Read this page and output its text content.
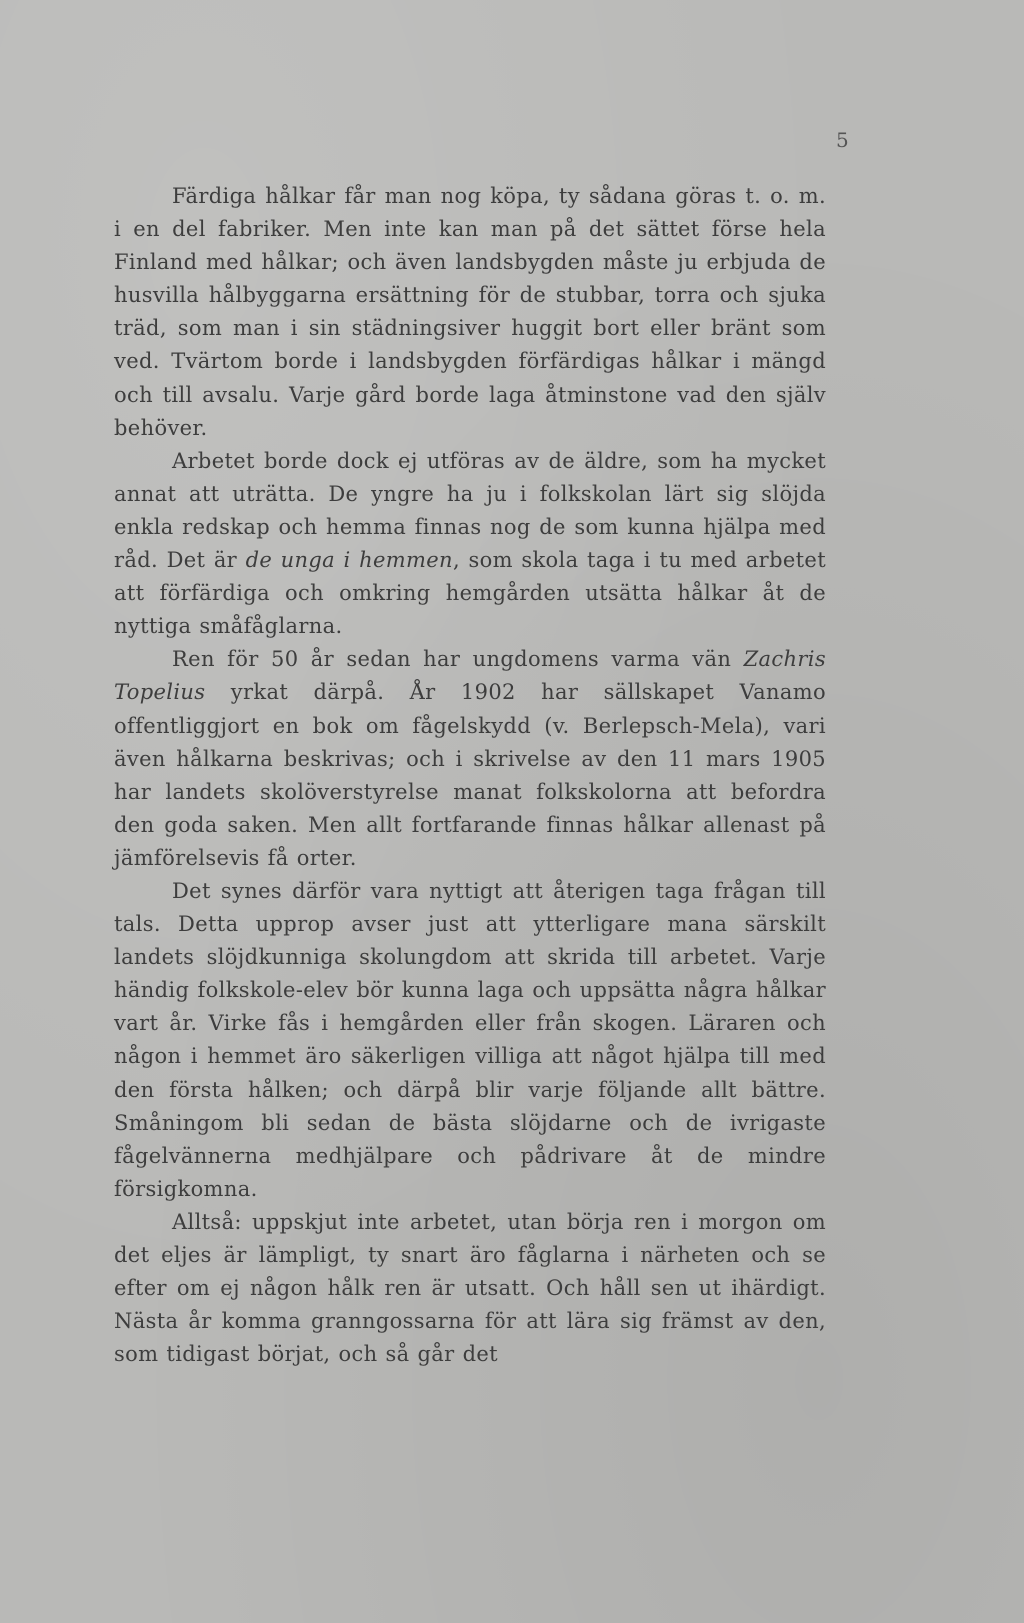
5

Färdiga hålkar får man nog köpa, ty sådana göras t. o. m. i en del fabriker. Men inte kan man på det sättet förse hela Finland med hålkar; och även landsbygden måste ju erbjuda de husvilla hålbyggarna ersättning för de stubbar, torra och sjuka träd, som man i sin städningsiver huggit bort eller bränt som ved. Tvärtom borde i landsbygden förfärdigas hålkar i mängd och till avsalu. Varje gård borde laga åtminstone vad den själv behöver.

Arbetet borde dock ej utföras av de äldre, som ha mycket annat att uträtta. De yngre ha ju i folkskolan lärt sig slöjda enkla redskap och hemma finnas nog de som kunna hjälpa med råd. Det är de unga i hemmen, som skola taga i tu med arbetet att förfärdiga och omkring hemgården utsätta hålkar åt de nyttiga småfåglarna.

Ren för 50 år sedan har ungdomens varma vän Zachris Topelius yrkat därpå. År 1902 har sällskapet Vanamo offentliggjort en bok om fågelskydd (v. Berlepsch-Mela), vari även hålkarna beskrivas; och i skrivelse av den 11 mars 1905 har landets skolöverstyrelse manat folkskolorna att befordra den goda saken. Men allt fortfarande finnas hålkar allenast på jämförelsevis få orter.

Det synes därför vara nyttigt att återigen taga frågan till tals. Detta upprop avser just att ytterligare mana särskilt landets slöjdkunniga skolungdom att skrida till arbetet. Varje händig folkskole-elev bör kunna laga och uppsätta några hålkar vart år. Virke fås i hemgården eller från skogen. Läraren och någon i hemmet äro säkerligen villiga att något hjälpa till med den första hålken; och därpå blir varje följande allt bättre. Småningom bli sedan de bästa slöjdarne och de ivrigaste fågelvännerna medhjälpare och pådrivare åt de mindre försigkomna.

Alltså: uppskjut inte arbetet, utan börja ren i morgon om det eljes är lämpligt, ty snart äro fåglarna i närheten och se efter om ej någon hålk ren är utsatt. Och håll sen ut ihärdigt. Nästa år komma granngossarna för att lära sig främst av den, som tidigast börjat, och så går det
